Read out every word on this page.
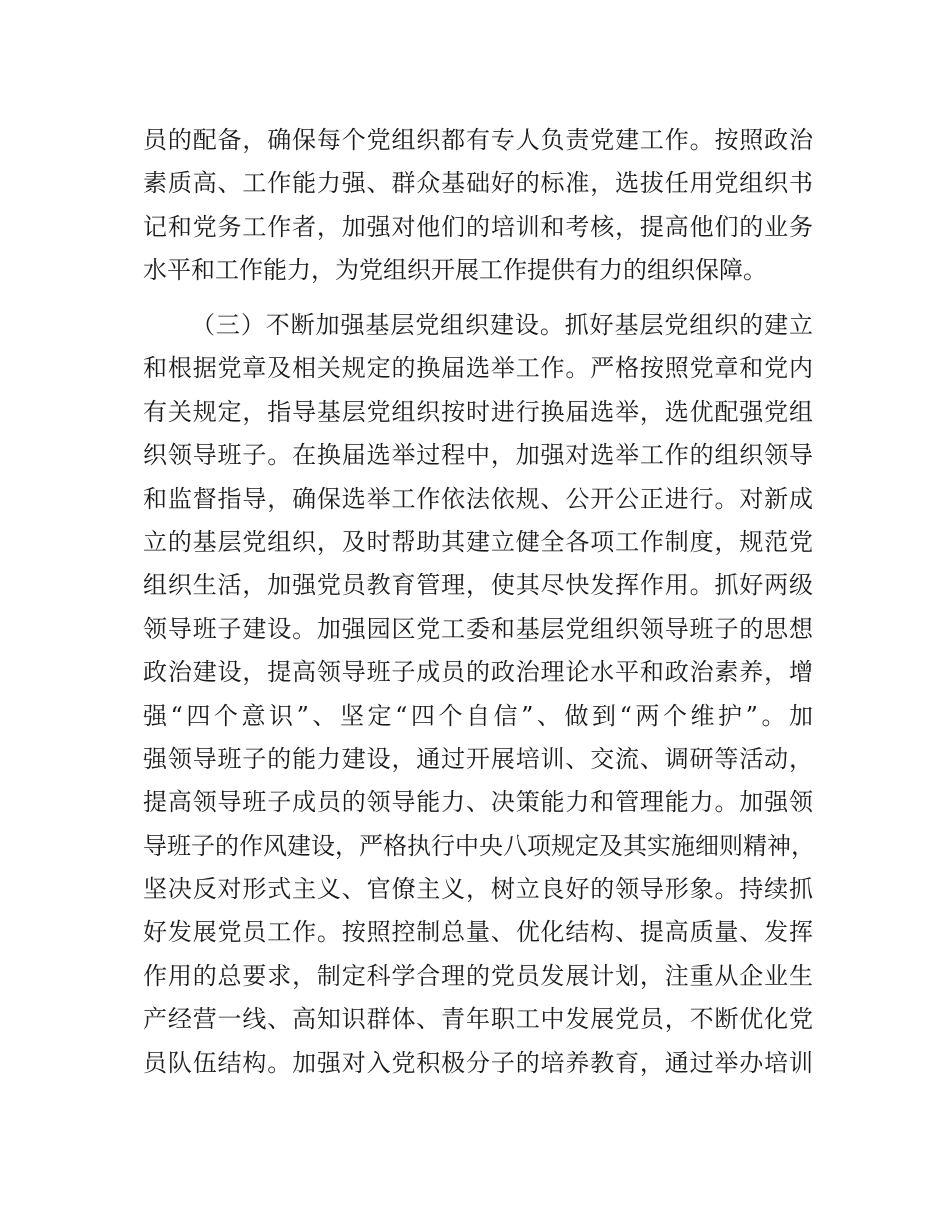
员的配备，确保每个党组织都有专人负责党建工作。按照政治
素质高、工作能力强、群众基础好的标准，选拔任用党组织书
记和党务工作者，加强对他们的培训和考核，提高他们的业务
水平和工作能力，为党组织开展工作提供有力的组织保障。
（三）不断加强基层党组织建设。抓好基层党组织的建立
和根据党章及相关规定的换届选举工作。严格按照党章和党内
有关规定，指导基层党组织按时进行换届选举，选优配强党组
织领导班子。在换届选举过程中，加强对选举工作的组织领导
和监督指导，确保选举工作依法依规、公开公正进行。对新成
立的基层党组织，及时帮助其建立健全各项工作制度，规范党
组织生活，加强党员教育管理，使其尽快发挥作用。抓好两级
领导班子建设。加强园区党工委和基层党组织领导班子的思想
政治建设，提高领导班子成员的政治理论水平和政治素养，增
强“四个意识”、坚定“四个自信”、做到“两个维护”。加
强领导班子的能力建设，通过开展培训、交流、调研等活动，
提高领导班子成员的领导能力、决策能力和管理能力。加强领
导班子的作风建设，严格执行中央八项规定及其实施细则精神，
坚决反对形式主义、官僚主义，树立良好的领导形象。持续抓
好发展党员工作。按照控制总量、优化结构、提高质量、发挥
作用的总要求，制定科学合理的党员发展计划，注重从企业生
产经营一线、高知识群体、青年职工中发展党员，不断优化党
员队伍结构。加强对入党积极分子的培养教育，通过举办培训
